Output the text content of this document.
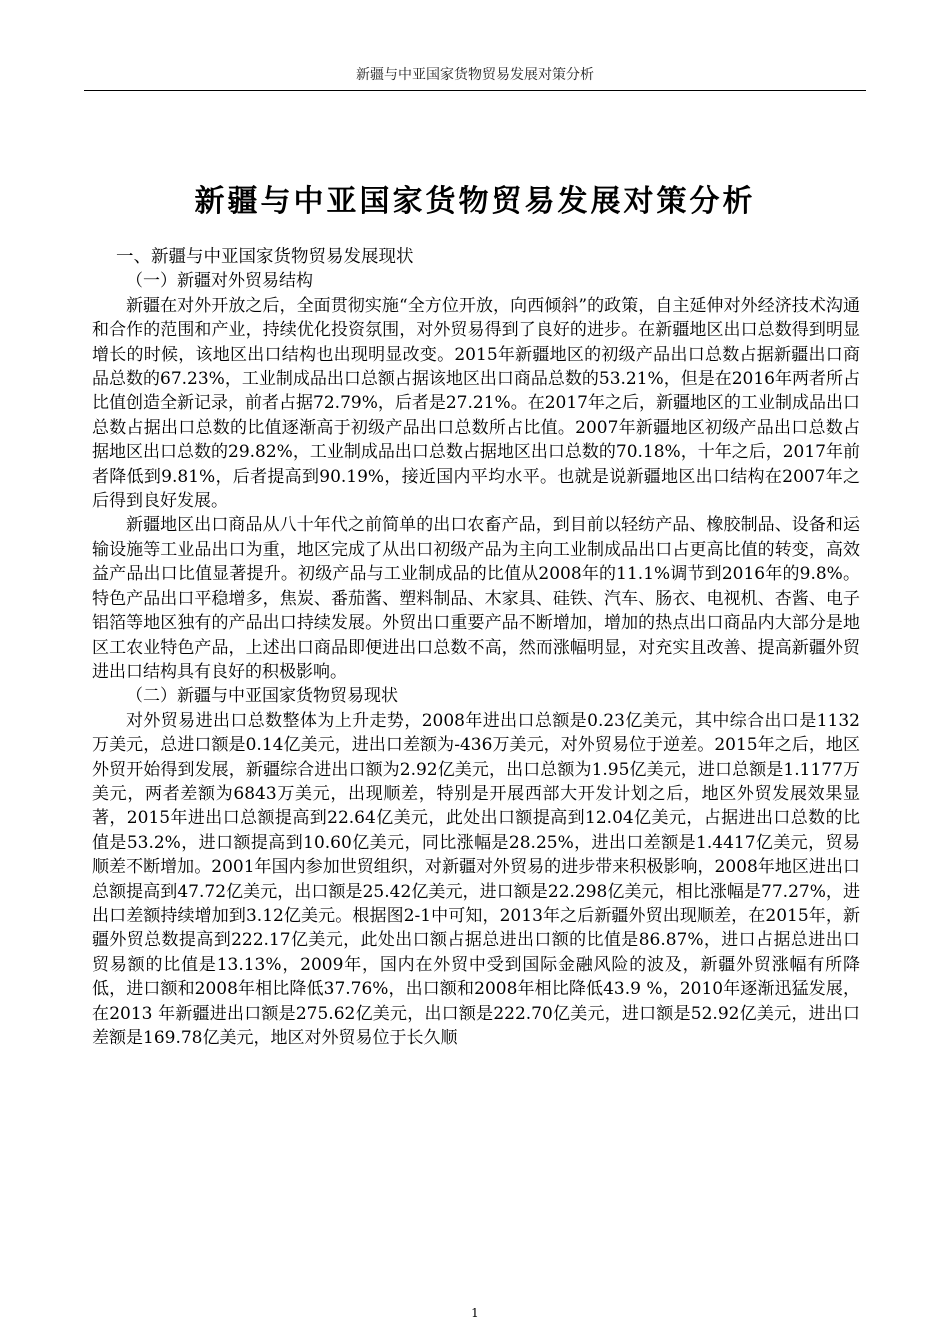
新疆与中亚国家货物贸易发展对策分析
新疆与中亚国家货物贸易发展对策分析
一、新疆与中亚国家货物贸易发展现状
（一）新疆对外贸易结构

新疆在对外开放之后，全面贯彻实施“全方位开放，向西倾斜”的政策，自主延伸对外经济技术沟通和合作的范围和产业，持续优化投资氛围，对外贸易得到了良好的进步。在新疆地区出口总数得到明显增长的时候，该地区出口结构也出现明显改变。2015年新疆地区的初级产品出口总数占据新疆出口商品总数的67.23%，工业制成品出口总额占据该地区出口商品总数的53.21%，但是在2016年两者所占比值创造全新记录，前者占据72.79%，后者是27.21%。在2017年之后，新疆地区的工业制成品出口总数占据出口总数的比值逐渐高于初级产品出口总数所占比值。2007年新疆地区初级产品出口总数占据地区出口总数的29.82%，工业制成品出口总数占据地区出口总数的70.18%，十年之后，2017年前者降低到9.81%，后者提高到90.19%，接近国内平均水平。也就是说新疆地区出口结构在2007年之后得到良好发展。

新疆地区出口商品从八十年代之前简单的出口农畜产品，到目前以轻纺产品、橡胶制品、设备和运输设施等工业品出口为重，地区完成了从出口初级产品为主向工业制成品出口占更高比值的转变，高效益产品出口比值显著提升。初级产品与工业制成品的比值从2008年的11.1%调节到2016年的9.8%。特色产品出口平稳增多，焦炭、番茄酱、塑料制品、木家具、硅铁、汽车、肠衣、电视机、杏酱、电子铝箔等地区独有的产品出口持续发展。外贸出口重要产品不断增加，增加的热点出口商品内大部分是地区工农业特色产品，上述出口商品即便进出口总数不高，然而涨幅明显，对充实且改善、提高新疆外贸进出口结构具有良好的积极影响。

（二）新疆与中亚国家货物贸易现状

对外贸易进出口总数整体为上升走势，2008年进出口总额是0.23亿美元，其中综合出口是1132万美元，总进口额是0.14亿美元，进出口差额为-436万美元，对外贸易位于逆差。2015年之后，地区外贸开始得到发展，新疆综合进出口额为2.92亿美元，出口总额为1.95亿美元，进口总额是1.1177万美元，两者差额为6843万美元，出现顺差，特别是开展西部大开发计划之后，地区外贸发展效果显著，2015年进出口总额提高到22.64亿美元，此处出口额提高到12.04亿美元，占据进出口总数的比值是53.2%，进口额提高到10.60亿美元，同比涨幅是28.25%，进出口差额是1.4417亿美元，贸易顺差不断增加。2001年国内参加世贸组织，对新疆对外贸易的进步带来积极影响，2008年地区进出口总额提高到47.72亿美元，出口额是25.42亿美元，进口额是22.298亿美元，相比涨幅是77.27%，进出口差额持续增加到3.12亿美元。根据图2-1中可知，2013年之后新疆外贸出现顺差，在2015年，新疆外贸总数提高到222.17亿美元，此处出口额占据总进出口额的比值是86.87%，进口占据总进出口贸易额的比值是13.13%，2009年，国内在外贸中受到国际金融风险的波及，新疆外贸涨幅有所降低，进口额和2008年相比降低37.76%，出口额和2008年相比降低43.9 %，2010年逐渐迅猛发展，在2013 年新疆进出口额是275.62亿美元，出口额是222.70亿美元，进口额是52.92亿美元，进出口差额是169.78亿美元，地区对外贸易位于长久顺

1
